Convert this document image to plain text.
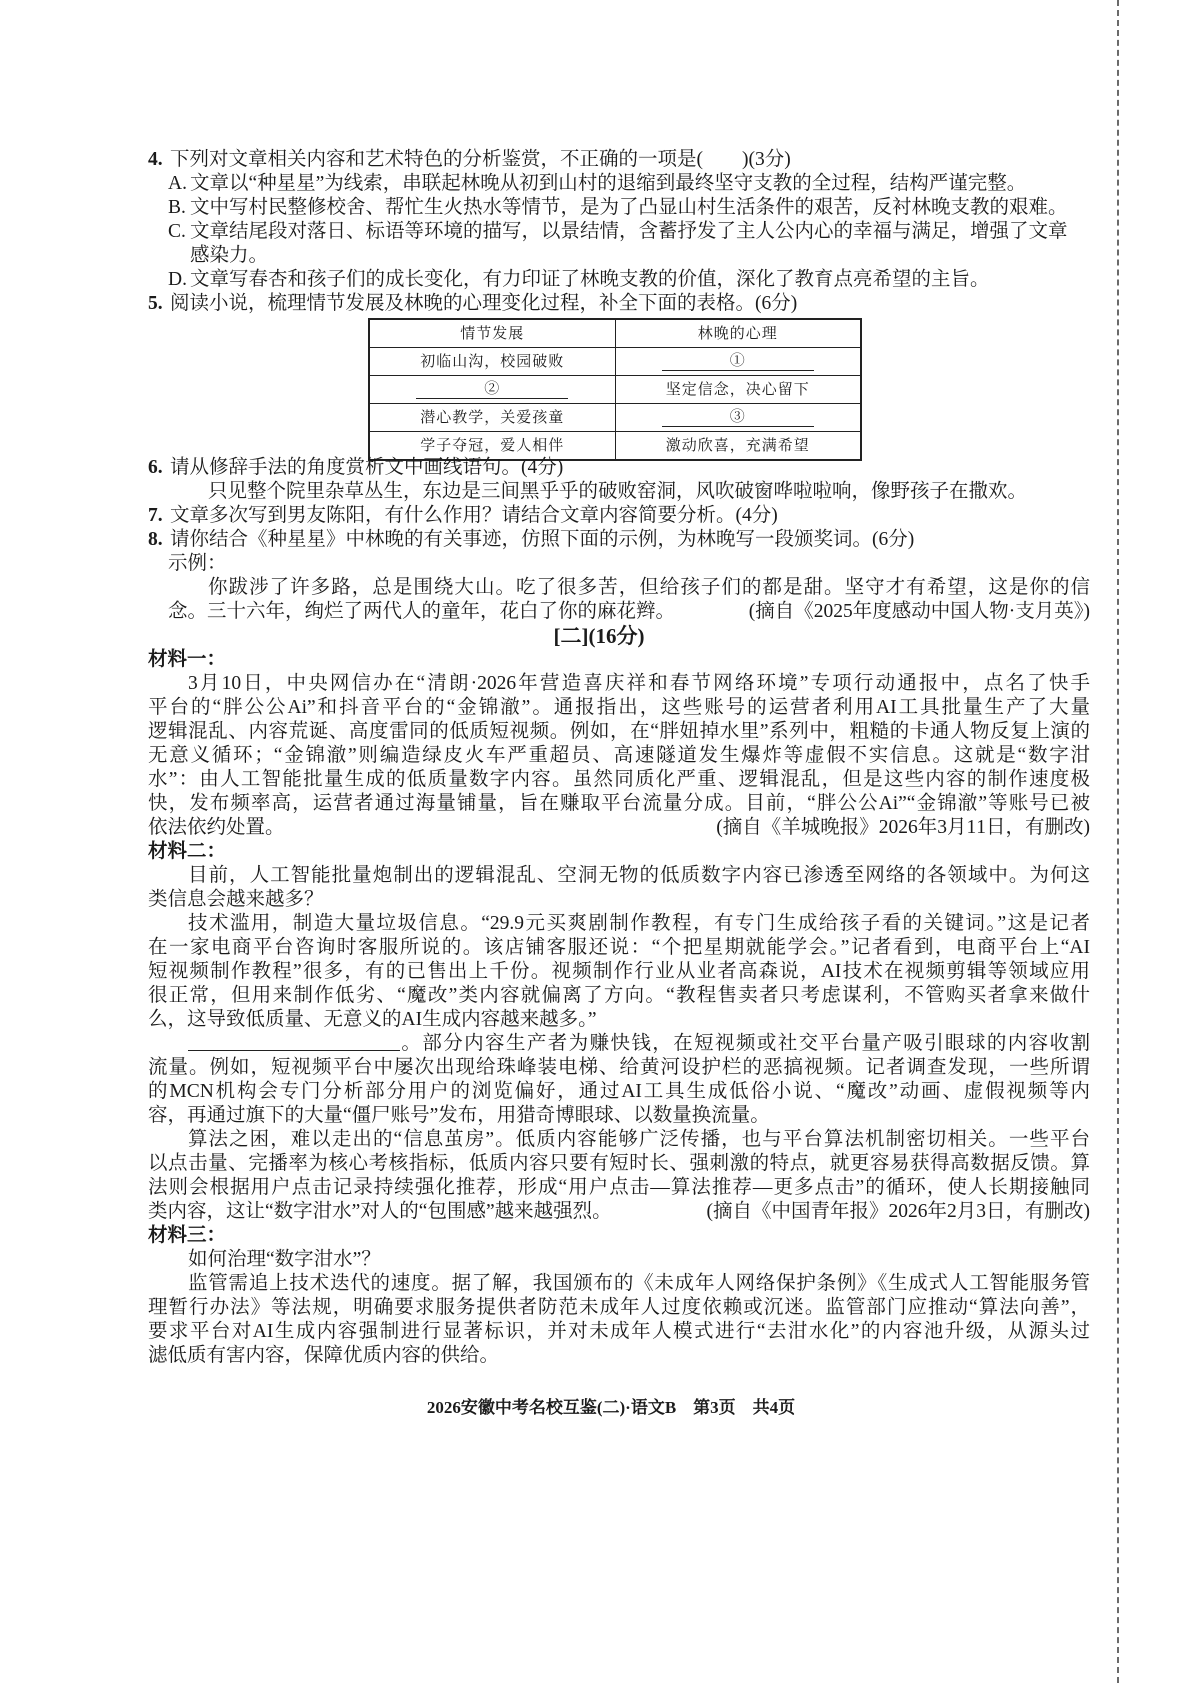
4. 下列对文章相关内容和艺术特色的分析鉴赏，不正确的一项是(　　)(3分)
A. 文章以“种星星”为线索，串联起林晚从初到山村的退缩到最终坚守支教的全过程，结构严谨完整。
B. 文中写村民整修校舍、帮忙生火热水等情节，是为了凸显山村生活条件的艰苦，反衬林晚支教的艰难。
C. 文章结尾段对落日、标语等环境的描写，以景结情，含蓄抒发了主人公内心的幸福与满足，增强了文章
感染力。
D. 文章写春杏和孩子们的成长变化，有力印证了林晚支教的价值，深化了教育点亮希望的主旨。
5. 阅读小说，梳理情节发展及林晚的心理变化过程，补全下面的表格。(6分)
情节发展	林晚的心理
初临山沟，校园破败	①
②	坚定信念，决心留下
潜心教学，关爱孩童	③
学子夺冠，爱人相伴	激动欣喜，充满希望
6. 请从修辞手法的角度赏析文中画线语句。(4分)
只见整个院里杂草丛生，东边是三间黑乎乎的破败窑洞，风吹破窗哗啦啦响，像野孩子在撒欢。
7. 文章多次写到男友陈阳，有什么作用？请结合文章内容简要分析。(4分)
8. 请你结合《种星星》中林晚的有关事迹，仿照下面的示例，为林晚写一段颁奖词。(6分)
示例：
你跋涉了许多路，总是围绕大山。吃了很多苦，但给孩子们的都是甜。坚守才有希望，这是你的信
念。三十六年，绚烂了两代人的童年，花白了你的麻花辫。	(摘自《2025年度感动中国人物·支月英》)
[二](16分)
材料一：
3月10日，中央网信办在“清朗·2026年营造喜庆祥和春节网络环境”专项行动通报中，点名了快手
平台的“胖公公Ai”和抖音平台的“金锦澈”。通报指出，这些账号的运营者利用AI工具批量生产了大量
逻辑混乱、内容荒诞、高度雷同的低质短视频。例如，在“胖妞掉水里”系列中，粗糙的卡通人物反复上演的
无意义循环；“金锦澈”则编造绿皮火车严重超员、高速隧道发生爆炸等虚假不实信息。这就是“数字泔
水”：由人工智能批量生成的低质量数字内容。虽然同质化严重、逻辑混乱，但是这些内容的制作速度极
快，发布频率高，运营者通过海量铺量，旨在赚取平台流量分成。目前，“胖公公Ai”“金锦澈”等账号已被
依法依约处置。	(摘自《羊城晚报》2026年3月11日，有删改)
材料二：
目前，人工智能批量炮制出的逻辑混乱、空洞无物的低质数字内容已渗透至网络的各领域中。为何这
类信息会越来越多？
技术滥用，制造大量垃圾信息。“29.9元买爽剧制作教程，有专门生成给孩子看的关键词。”这是记者
在一家电商平台咨询时客服所说的。该店铺客服还说：“个把星期就能学会。”记者看到，电商平台上“AI
短视频制作教程”很多，有的已售出上千份。视频制作行业从业者高森说，AI技术在视频剪辑等领域应用
很正常，但用来制作低劣、“魔改”类内容就偏离了方向。“教程售卖者只考虑谋利，不管购买者拿来做什
么，这导致低质量、无意义的AI生成内容越来越多。”
。部分内容生产者为赚快钱，在短视频或社交平台量产吸引眼球的内容收割
流量。例如，短视频平台中屡次出现给珠峰装电梯、给黄河设护栏的恶搞视频。记者调查发现，一些所谓
的MCN机构会专门分析部分用户的浏览偏好，通过AI工具生成低俗小说、“魔改”动画、虚假视频等内
容，再通过旗下的大量“僵尸账号”发布，用猎奇博眼球、以数量换流量。
算法之困，难以走出的“信息茧房”。低质内容能够广泛传播，也与平台算法机制密切相关。一些平台
以点击量、完播率为核心考核指标，低质内容只要有短时长、强刺激的特点，就更容易获得高数据反馈。算
法则会根据用户点击记录持续强化推荐，形成“用户点击—算法推荐—更多点击”的循环，使人长期接触同
类内容，这让“数字泔水”对人的“包围感”越来越强烈。	(摘自《中国青年报》2026年2月3日，有删改)
材料三：
如何治理“数字泔水”？
监管需追上技术迭代的速度。据了解，我国颁布的《未成年人网络保护条例》《生成式人工智能服务管
理暂行办法》等法规，明确要求服务提供者防范未成年人过度依赖或沉迷。监管部门应推动“算法向善”，
要求平台对AI生成内容强制进行显著标识，并对未成年人模式进行“去泔水化”的内容池升级，从源头过
滤低质有害内容，保障优质内容的供给。
2026安徽中考名校互鉴(二)·语文B　第3页　共4页
